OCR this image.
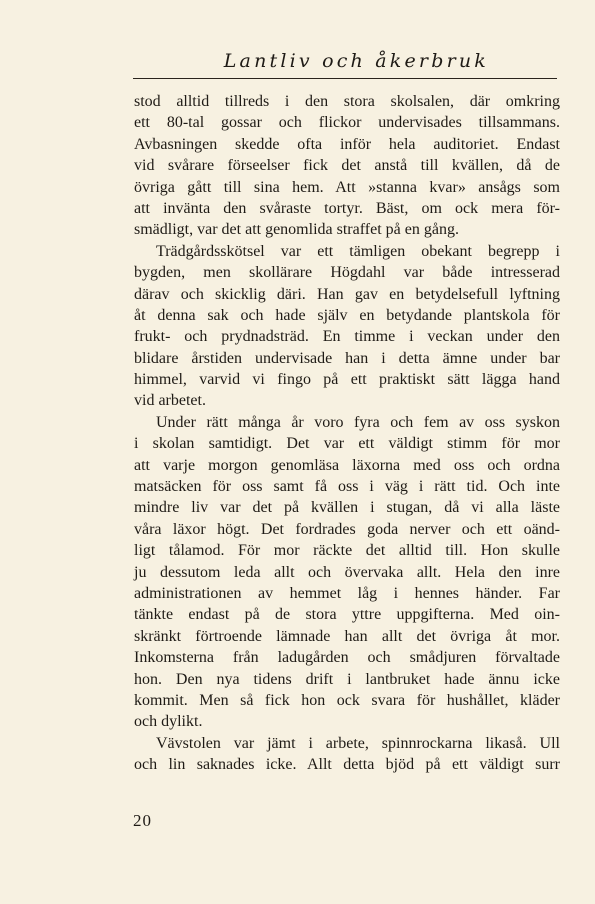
Lantliv och åkerbruk
stod alltid tillreds i den stora skolsalen, där omkring
ett 80-tal gossar och flickor undervisades tillsammans.
Avbasningen skedde ofta inför hela auditoriet. Endast
vid svårare förseelser fick det anstå till kvällen, då de
övriga gått till sina hem. Att »stanna kvar» ansågs som
att invänta den svåraste tortyr. Bäst, om ock mera för-
smädligt, var det att genomlida straffet på en gång.
Trädgårdsskötsel var ett tämligen obekant begrepp i
bygden, men skollärare Högdahl var både intresserad
därav och skicklig däri. Han gav en betydelsefull lyftning
åt denna sak och hade själv en betydande plantskola för
frukt- och prydnadsträd. En timme i veckan under den
blidare årstiden undervisade han i detta ämne under bar
himmel, varvid vi fingo på ett praktiskt sätt lägga hand
vid arbetet.
Under rätt många år voro fyra och fem av oss syskon
i skolan samtidigt. Det var ett väldigt stimm för mor
att varje morgon genomläsa läxorna med oss och ordna
matsäcken för oss samt få oss i väg i rätt tid. Och inte
mindre liv var det på kvällen i stugan, då vi alla läste
våra läxor högt. Det fordrades goda nerver och ett oänd-
ligt tålamod. För mor räckte det alltid till. Hon skulle
ju dessutom leda allt och övervaka allt. Hela den inre
administrationen av hemmet låg i hennes händer. Far
tänkte endast på de stora yttre uppgifterna. Med oin-
skränkt förtroende lämnade han allt det övriga åt mor.
Inkomsterna från ladugården och smådjuren förvaltade
hon. Den nya tidens drift i lantbruket hade ännu icke
kommit. Men så fick hon ock svara för hushållet, kläder
och dylikt.
Vävstolen var jämt i arbete, spinnrockarna likaså. Ull
och lin saknades icke. Allt detta bjöd på ett väldigt surr
20
